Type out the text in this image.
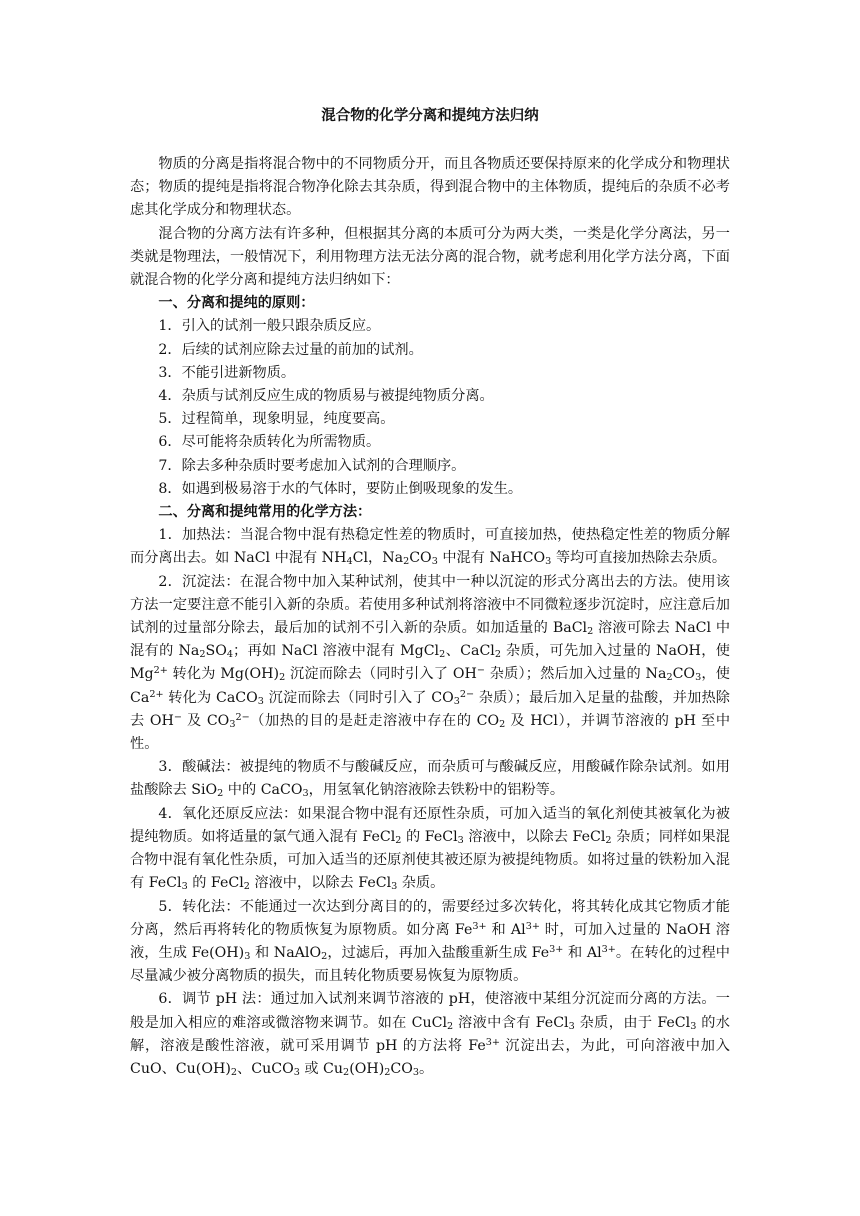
混合物的化学分离和提纯方法归纳

物质的分离是指将混合物中的不同物质分开，而且各物质还要保持原来的化学成分和物理状态；物质的提纯是指将混合物净化除去其杂质，得到混合物中的主体物质，提纯后的杂质不必考虑其化学成分和物理状态。

混合物的分离方法有许多种，但根据其分离的本质可分为两大类，一类是化学分离法，另一类就是物理法，一般情况下，利用物理方法无法分离的混合物，就考虑利用化学方法分离，下面就混合物的化学分离和提纯方法归纳如下：

一、分离和提纯的原则：

1．引入的试剂一般只跟杂质反应。

2．后续的试剂应除去过量的前加的试剂。

3．不能引进新物质。

4．杂质与试剂反应生成的物质易与被提纯物质分离。

5．过程简单，现象明显，纯度要高。

6．尽可能将杂质转化为所需物质。

7．除去多种杂质时要考虑加入试剂的合理顺序。

8．如遇到极易溶于水的气体时，要防止倒吸现象的发生。

二、分离和提纯常用的化学方法：

1．加热法：当混合物中混有热稳定性差的物质时，可直接加热，使热稳定性差的物质分解而分离出去。如 NaCl 中混有 $NH_4Cl$，$Na_2CO_3$ 中混有 NaHCO$_3$ 等均可直接加热除去杂质。

2．沉淀法：在混合物中加入某种试剂，使其中一种以沉淀的形式分离出去的方法。使用该方法一定要注意不能引入新的杂质。若使用多种试剂将溶液中不同微粒逐步沉淀时，应注意后加试剂的过量部分除去，最后加的试剂不引入新的杂质。如加适量的 BaCl$_2$ 溶液可除去 NaCl 中混有的 $Na_2SO_4$；再如 NaCl 溶液中混有 MgCl$_2$、CaCl$_2$ 杂质，可先加入过量的 NaOH，使 $Mg^{2+}$ 转化为 $Mg(OH)_2$ 沉淀而除去（同时引入了 OH− 杂质）；然后加入过量的 $Na_2CO_3$，使 $Ca^{2+}$ 转化为 CaCO$_3$ 沉淀而除去（同时引入了 $CO_3^{2-}$ 杂质）；最后加入足量的盐酸，并加热除去 OH− 及 $CO_3^{2-}$（加热的目的是赶走溶液中存在的 $CO_2$ 及 HCl），并调节溶液的 pH 至中性。

3．酸碱法：被提纯的物质不与酸碱反应，而杂质可与酸碱反应，用酸碱作除杂试剂。如用盐酸除去 SiO$_2$ 中的 CaCO$_3$，用氢氧化钠溶液除去铁粉中的铝粉等。

4．氧化还原反应法：如果混合物中混有还原性杂质，可加入适当的氧化剂使其被氧化为被提纯物质。如将适量的氯气通入混有 FeCl$_2$ 的 FeCl$_3$ 溶液中，以除去 FeCl$_2$ 杂质；同样如果混合物中混有氧化性杂质，可加入适当的还原剂使其被还原为被提纯物质。如将过量的铁粉加入混有 FeCl$_3$ 的 FeCl$_2$ 溶液中，以除去 FeCl$_3$ 杂质。

5．转化法：不能通过一次达到分离目的的，需要经过多次转化，将其转化成其它物质才能分离，然后再将转化的物质恢复为原物质。如分离 $Fe^{3+}$ 和 $Al^{3+}$ 时，可加入过量的 NaOH 溶液，生成 $Fe(OH)_3$ 和 NaAlO$_2$，过滤后，再加入盐酸重新生成 $Fe^{3+}$ 和 $Al^{3+}$。在转化的过程中尽量减少被分离物质的损失，而且转化物质要易恢复为原物质。

6．调节 pH 法：通过加入试剂来调节溶液的 pH，使溶液中某组分沉淀而分离的方法。一般是加入相应的难溶或微溶物来调节。如在 CuCl$_2$ 溶液中含有 FeCl$_3$ 杂质，由于 FeCl$_3$ 的水解，溶液是酸性溶液，就可采用调节 pH 的方法将 $Fe^{3+}$ 沉淀出去，为此，可向溶液中加入 CuO、$Cu(OH)_2$、CuCO$_3$ 或 $Cu_2(OH)_2CO_3$。
